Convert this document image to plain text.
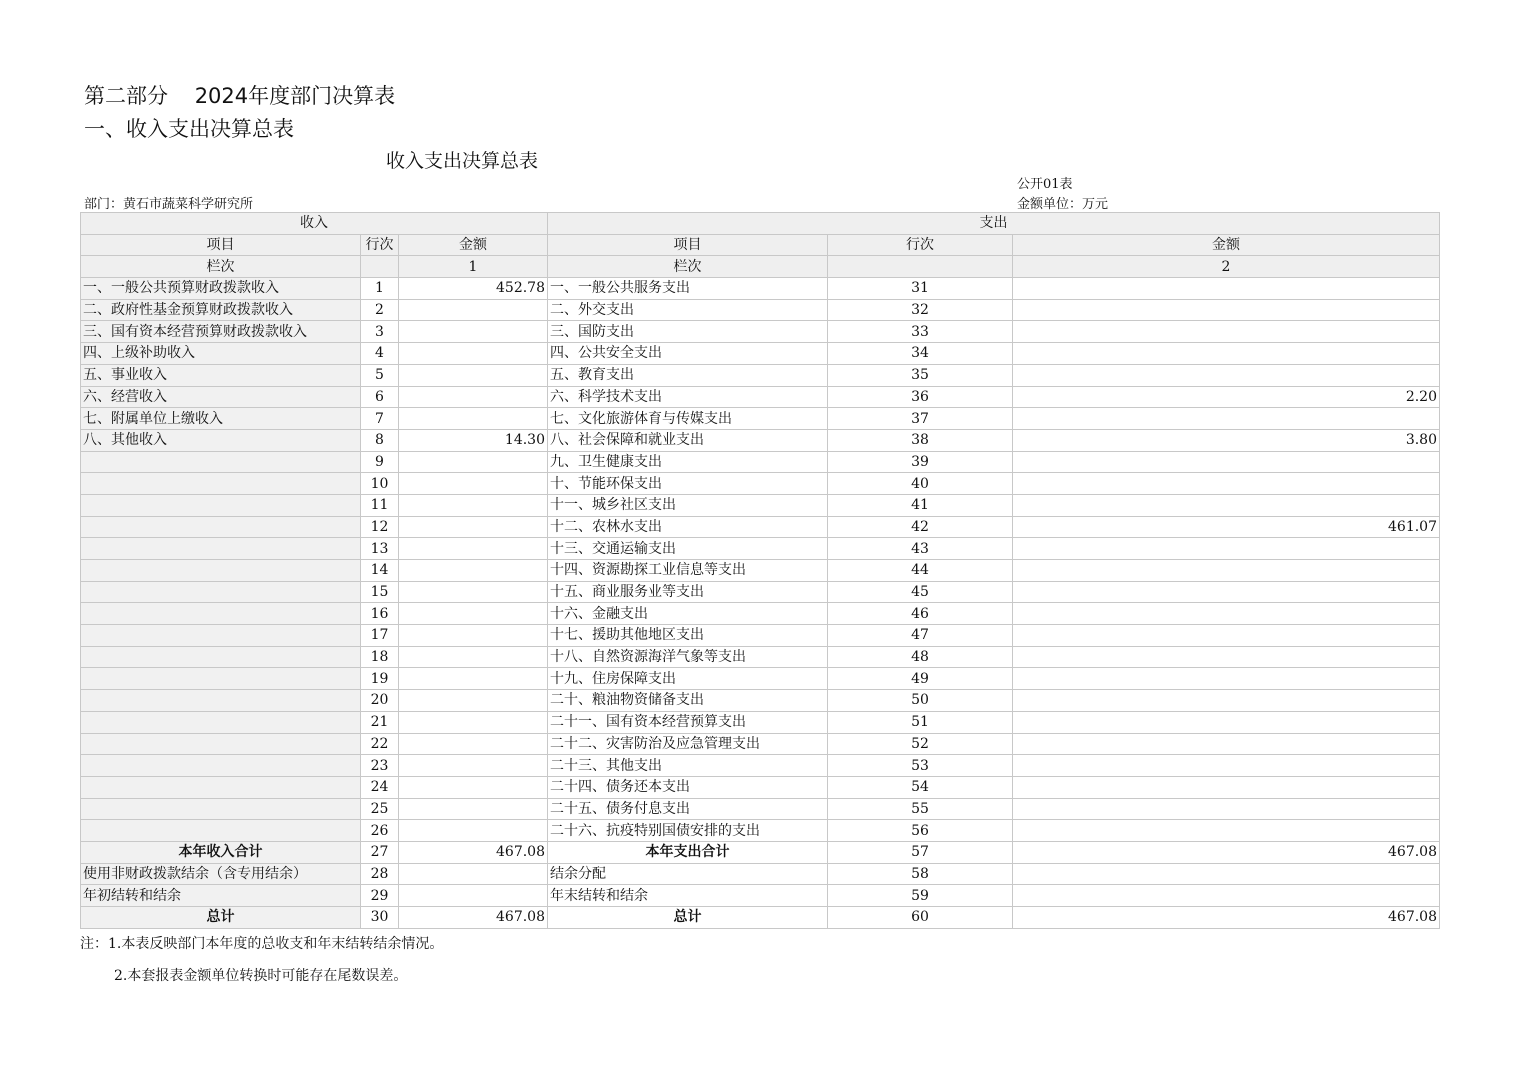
第二部分    2024年度部门决算表
一、收入支出决算总表
收入支出决算总表
公开01表
部门：黄石市蔬菜科学研究所	金额单位：万元
收入			支出		
项目	行次	金额	项目	行次	金额
栏次		1	栏次		2
一、一般公共预算财政拨款收入	1	452.78	一、一般公共服务支出	31	
二、政府性基金预算财政拨款收入	2		二、外交支出	32	
三、国有资本经营预算财政拨款收入	3		三、国防支出	33	
四、上级补助收入	4		四、公共安全支出	34	
五、事业收入	5		五、教育支出	35	
六、经营收入	6		六、科学技术支出	36	2.20
七、附属单位上缴收入	7		七、文化旅游体育与传媒支出	37	
八、其他收入	8	14.30	八、社会保障和就业支出	38	3.80
	9		九、卫生健康支出	39	
	10		十、节能环保支出	40	
	11		十一、城乡社区支出	41	
	12		十二、农林水支出	42	461.07
	13		十三、交通运输支出	43	
	14		十四、资源勘探工业信息等支出	44	
	15		十五、商业服务业等支出	45	
	16		十六、金融支出	46	
	17		十七、援助其他地区支出	47	
	18		十八、自然资源海洋气象等支出	48	
	19		十九、住房保障支出	49	
	20		二十、粮油物资储备支出	50	
	21		二十一、国有资本经营预算支出	51	
	22		二十二、灾害防治及应急管理支出	52	
	23		二十三、其他支出	53	
	24		二十四、债务还本支出	54	
	25		二十五、债务付息支出	55	
	26		二十六、抗疫特别国债安排的支出	56	
本年收入合计	27	467.08	本年支出合计	57	467.08
使用非财政拨款结余（含专用结余）	28		结余分配	58	
年初结转和结余	29		年末结转和结余	59	
总计	30	467.08	总计	60	467.08
注：1.本表反映部门本年度的总收支和年末结转结余情况。
2.本套报表金额单位转换时可能存在尾数误差。
